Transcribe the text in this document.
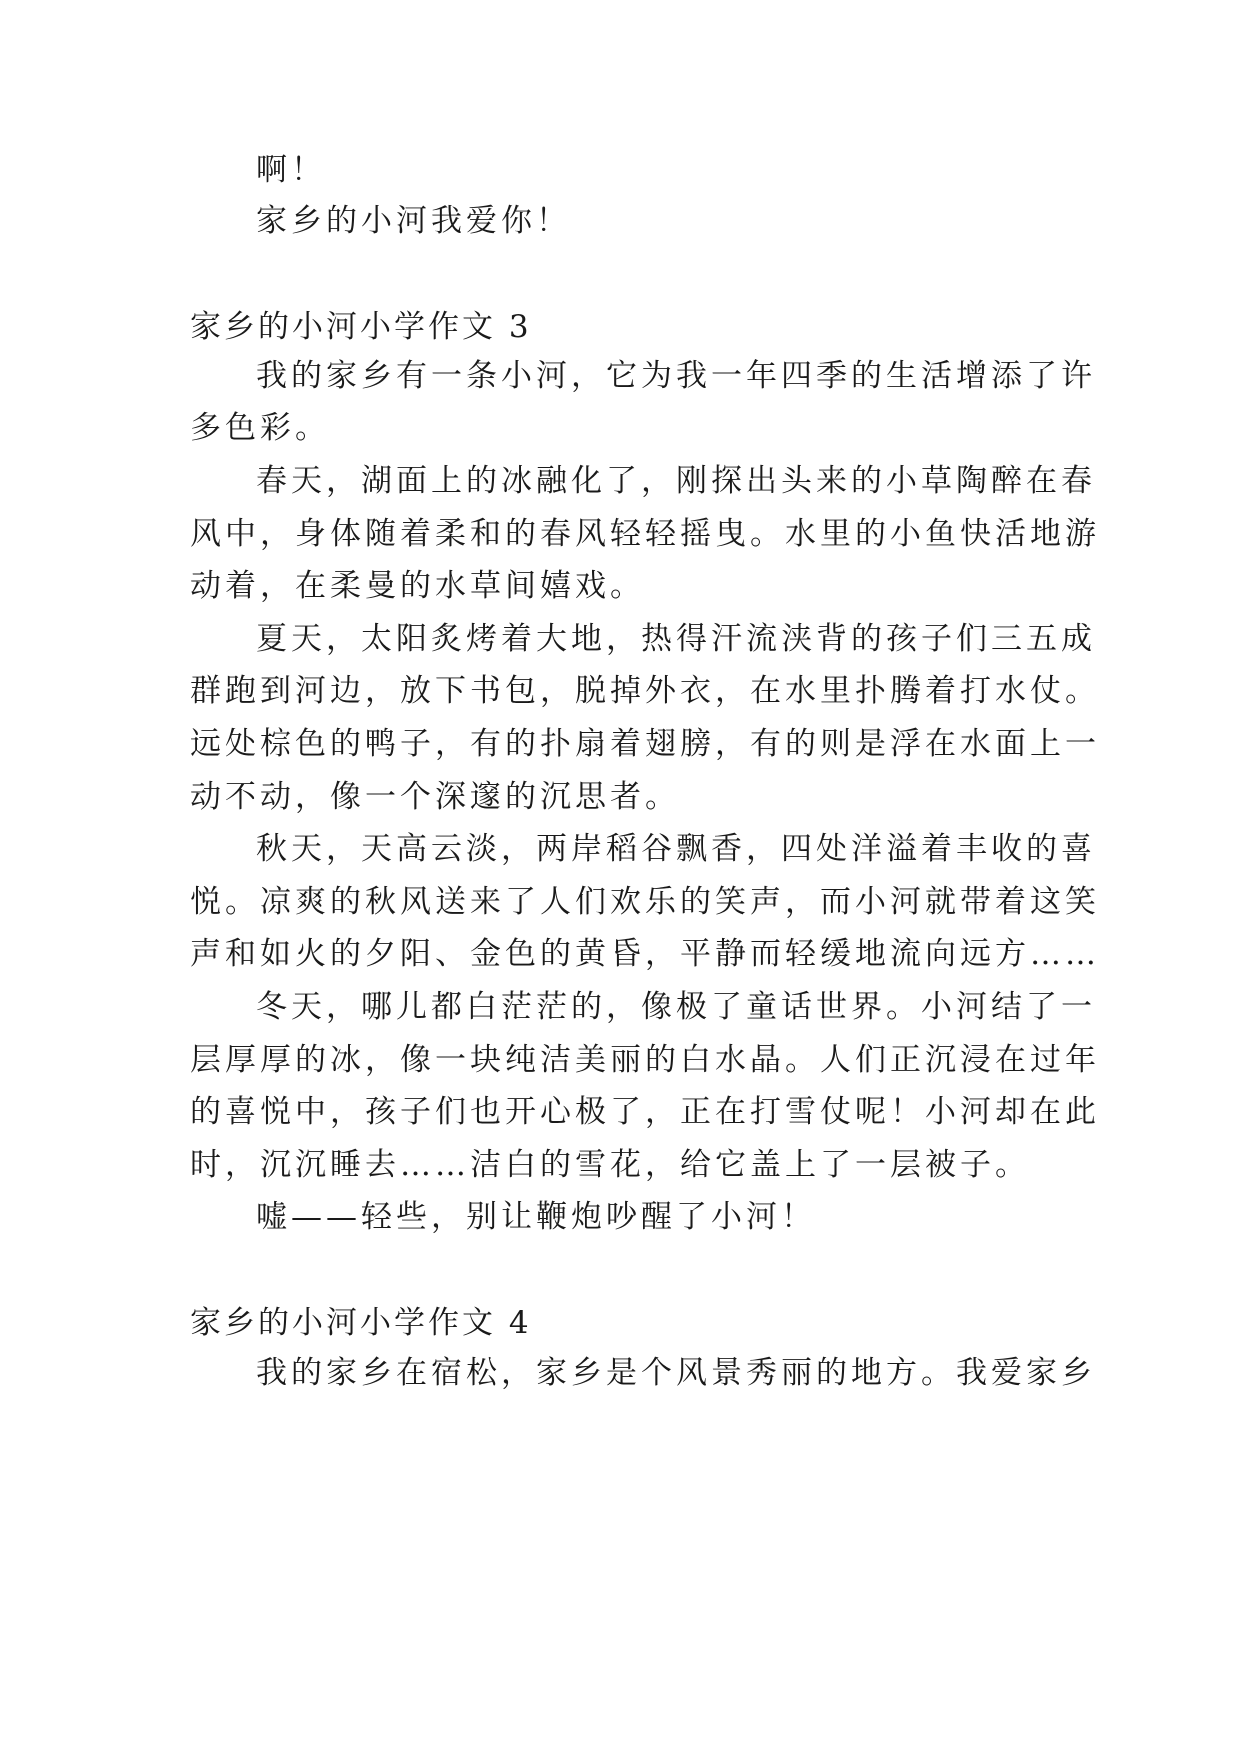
啊！
家乡的小河我爱你！
家乡的小河小学作文 3
我的家乡有一条小河，它为我一年四季的生活增添了许
多色彩。
春天，湖面上的冰融化了，刚探出头来的小草陶醉在春
风中，身体随着柔和的春风轻轻摇曳。水里的小鱼快活地游
动着，在柔曼的水草间嬉戏。
夏天，太阳炙烤着大地，热得汗流浃背的孩子们三五成
群跑到河边，放下书包，脱掉外衣，在水里扑腾着打水仗。
远处棕色的鸭子，有的扑扇着翅膀，有的则是浮在水面上一
动不动，像一个深邃的沉思者。
秋天，天高云淡，两岸稻谷飘香，四处洋溢着丰收的喜
悦。凉爽的秋风送来了人们欢乐的笑声，而小河就带着这笑
声和如火的夕阳、金色的黄昏，平静而轻缓地流向远方……
冬天，哪儿都白茫茫的，像极了童话世界。小河结了一
层厚厚的冰，像一块纯洁美丽的白水晶。人们正沉浸在过年
的喜悦中，孩子们也开心极了，正在打雪仗呢！小河却在此
时，沉沉睡去……洁白的雪花，给它盖上了一层被子。
嘘——轻些，别让鞭炮吵醒了小河！
家乡的小河小学作文 4
我的家乡在宿松，家乡是个风景秀丽的地方。我爱家乡
